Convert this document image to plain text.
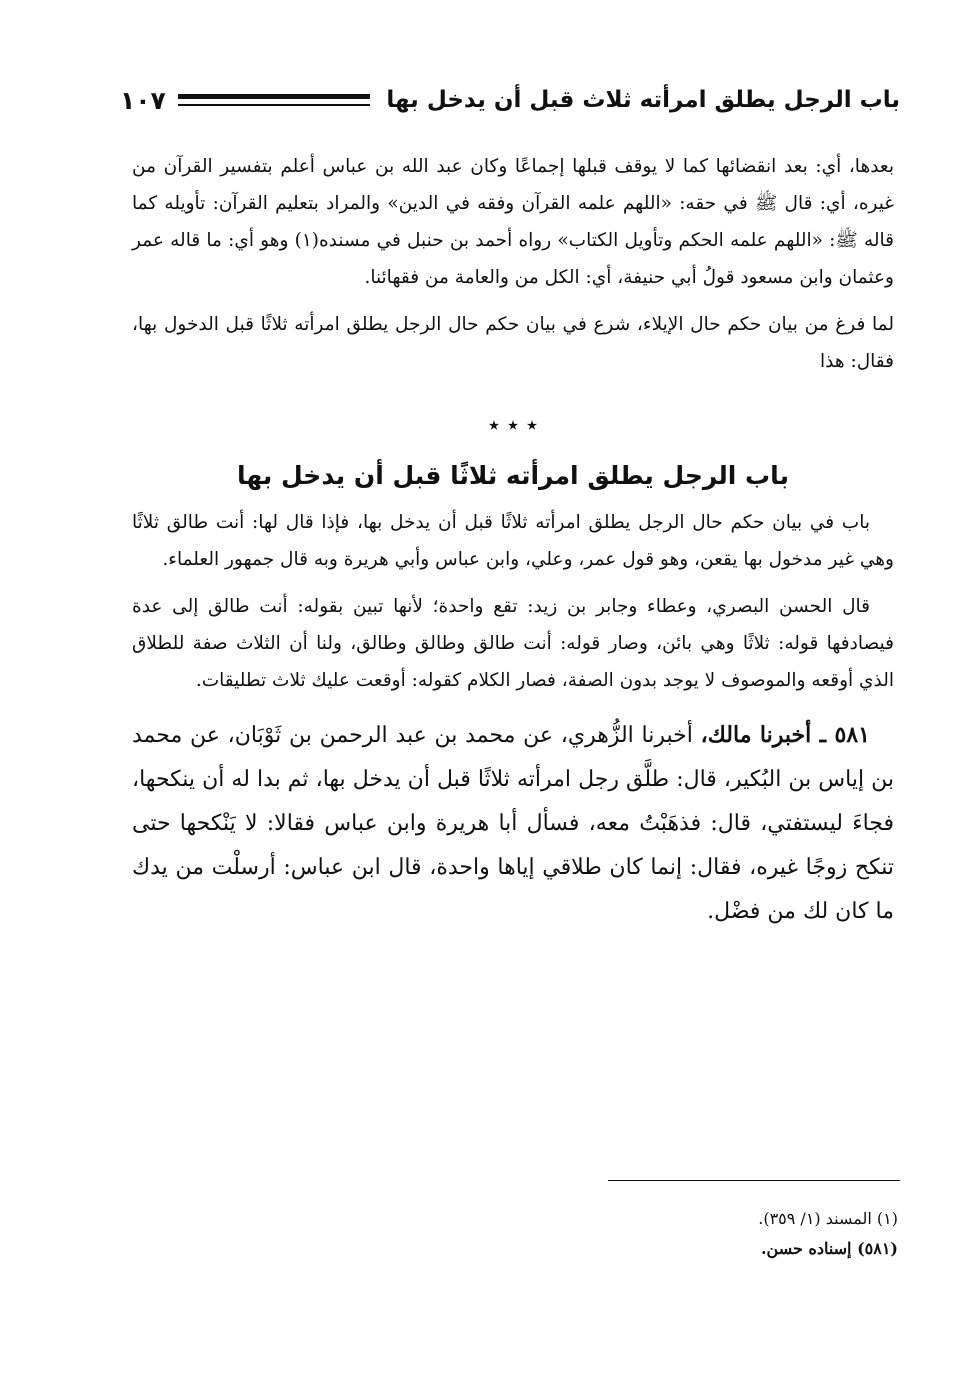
باب الرجل يطلق امرأته ثلاث قبل أن يدخل بها
١٠٧

بعدها، أي: بعد انقضائها كما لا يوقف قبلها إجماعًا وكان عبد الله بن عباس أعلم بتفسير القرآن من غيره، أي: قال ﷺ في حقه: «اللهم علمه القرآن وفقه في الدين» والمراد بتعليم القرآن: تأويله كما قاله ﷺ: «اللهم علمه الحكم وتأويل الكتاب» رواه أحمد بن حنبل في مسنده(١) وهو أي: ما قاله عمر وعثمان وابن مسعود قولُ أبي حنيفة، أي: الكل من والعامة من فقهائنا.

لما فرغ من بيان حكم حال الإيلاء، شرع في بيان حكم حال الرجل يطلق امرأته ثلاثًا قبل الدخول بها، فقال: هذا

٭ ٭ ٭
باب الرجل يطلق امرأته ثلاثًا قبل أن يدخل بها

باب في بيان حكم حال الرجل يطلق امرأته ثلاثًا قبل أن يدخل بها، فإذا قال لها: أنت طالق ثلاثًا وهي غير مدخول بها يقعن، وهو قول عمر، وعلي، وابن عباس وأبي هريرة وبه قال جمهور العلماء.

قال الحسن البصري، وعطاء وجابر بن زيد: تقع واحدة؛ لأنها تبين بقوله: أنت طالق إلى عدة فيصادفها قوله: ثلاثًا وهي بائن، وصار قوله: أنت طالق وطالق وطالق، ولنا أن الثلاث صفة للطلاق الذي أوقعه والموصوف لا يوجد بدون الصفة، فصار الكلام كقوله: أوقعت عليك ثلاث تطليقات.

٥٨١ ـ أخبرنا مالك، أخبرنا الزُّهري، عن محمد بن عبد الرحمن بن ثَوْبَان، عن محمد بن إياس بن البُكير، قال: طلَّق رجل امرأته ثلاثًا قبل أن يدخل بها، ثم بدا له أن ينكحها، فجاءَ ليستفتي، قال: فذهَبْتُ معه، فسأل أبا هريرة وابن عباس فقالا: لا يَنْكحها حتى تنكح زوجًا غيره، فقال: إنما كان طلاقي إياها واحدة، قال ابن عباس: أرسلْت من يدك ما كان لك من فضْل.

(١) المسند (١/ ٣٥٩).
(٥٨١) إسناده حسن.
